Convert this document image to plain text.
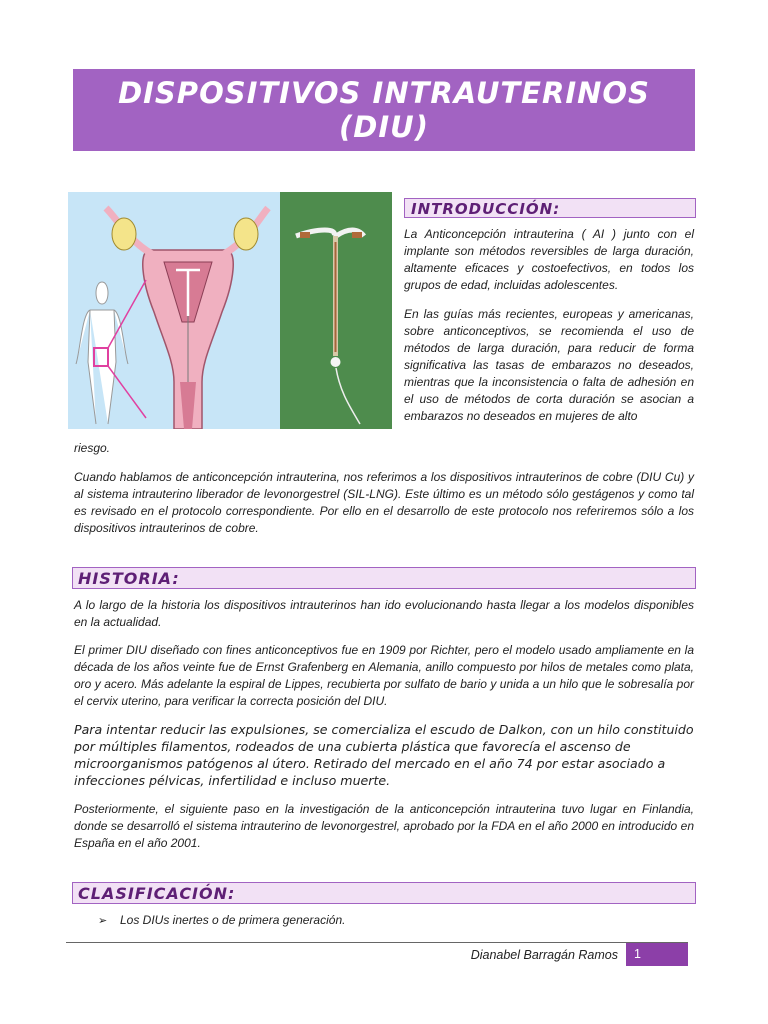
DISPOSITIVOS INTRAUTERINOS
(DIU)
INTRODUCCIÓN:

La Anticoncepción intrauterina ( AI ) junto con el implante son métodos reversibles de larga duración, altamente eficaces y costoefectivos, en todos los grupos de edad, incluidas adolescentes.

En las guías más recientes, europeas y americanas, sobre anticonceptivos, se recomienda el uso de métodos de larga duración, para reducir de forma significativa las tasas de embarazos no deseados, mientras que la inconsistencia o falta de adhesión en el uso de métodos de corta duración se asocian a embarazos no deseados en mujeres de alto

riesgo.

Cuando hablamos de anticoncepción intrauterina, nos referimos a los dispositivos intrauterinos de cobre (DIU Cu) y al sistema intrauterino liberador de levonorgestrel (SIL-LNG). Este último es un método sólo gestágenos y como tal es revisado en el protocolo correspondiente. Por ello en el desarrollo de este protocolo nos referiremos sólo a los dispositivos intrauterinos de cobre.

HISTORIA:

A lo largo de la historia los dispositivos intrauterinos han ido evolucionando hasta llegar a los modelos disponibles en la actualidad.

El primer DIU diseñado con fines anticonceptivos fue en 1909 por Richter, pero el modelo usado ampliamente en la década de los años veinte fue de Ernst Grafenberg en Alemania, anillo compuesto por hilos de metales como plata, oro y acero. Más adelante la espiral de Lippes, recubierta por sulfato de bario y unida a un hilo que le sobresalía por el cervix uterino, para verificar la correcta posición del DIU.

Para intentar reducir las expulsiones, se comercializa el escudo de Dalkon, con un hilo constituido por múltiples filamentos, rodeados de una cubierta plástica que favorecía el ascenso de microorganismos patógenos al útero. Retirado del mercado en el año 74 por estar asociado a infecciones pélvicas, infertilidad e incluso muerte.

Posteriormente, el siguiente paso en la investigación de la anticoncepción intrauterina tuvo lugar en Finlandia, donde se desarrolló el sistema intrauterino de levonorgestrel, aprobado por la FDA en el año 2000 en introducido en España en el año 2001.

CLASIFICACIÓN:
➢ Los DIUs inertes o de primera generación.
Dianabel Barragán Ramos	1
